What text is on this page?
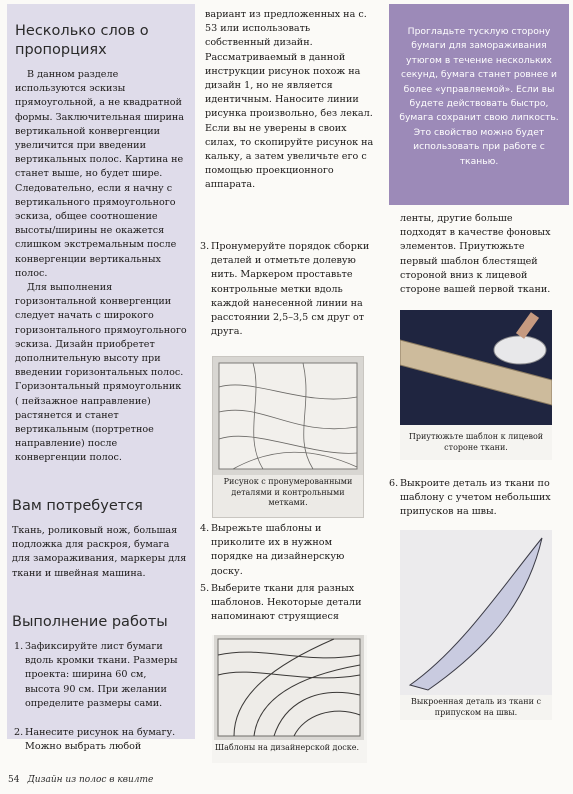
Несколько слов о пропорциях

В данном разделе используются эскизы прямоугольной, а не квадратной формы. Заключительная ширина вертикальной конвергенции увеличится при введении вертикальных полос. Картина не станет выше, но будет шире. Следовательно, если я начну с вертикального прямоугольного эскиза, общее соотношение высоты/ширины не окажется слишком экстремальным после конвергенции вертикальных полос.

Для выполнения горизонтальной конвергенции следует начать с широкого горизонтального прямоугольного эскиза. Дизайн приобретет дополнительную высоту при введении горизонтальных полос. Горизонтальный прямоугольник ( пейзажное направление) растянется и станет вертикальным (портретное направление) после конвергенции полос.

Вам потребуется

Ткань, роликовый нож, большая подложка для раскроя, бумага для замораживания, маркеры для ткани и швейная машина.

Выполнение работы
1. Зафиксируйте лист бумаги вдоль кромки ткани. Размеры проекта: ширина 60 см, высота 90 см. При желании определите размеры сами.
2. Нанесите рисунок на бумагу. Можно выбрать любой

вариант из предложенных на с. 53 или использовать собственный дизайн. Рассматриваемый в данной инструкции рисунок похож на дизайн 1, но не является идентичным. Наносите линии рисунка произвольно, без лекал. Если вы не уверены в своих силах, то скопируйте рисунок на кальку, а затем увеличьте его с помощью проекционного аппарата.

3. Пронумеруйте порядок сборки деталей и отметьте долевую нить. Маркером проставьте контрольные метки вдоль каждой нанесенной линии на расстоянии 2,5–3,5 см друг от друга.
Рисунок с пронумерованными деталями и контрольными метками.
4. Вырежьте шаблоны и приколите их в нужном порядке на дизайнерскую доску.
5. Выберите ткани для разных шаблонов. Некоторые детали напоминают струящиеся
Шаблоны на дизайнерской доске.

Прогладьте тусклую сторону бумаги для замораживания утюгом в течение нескольких секунд, бумага станет ровнее и более «управляемой». Если вы будете действовать быстро, бумага сохранит свою липкость. Это свойство можно будет использовать при работе с тканью.

ленты, другие больше подходят в качестве фоновых элементов. Приутюжьте первый шаблон блестящей стороной вниз к лицевой стороне вашей первой ткани.

Приутюжьте шаблон к лицевой стороне ткани.
6. Выкроите деталь из ткани по шаблону с учетом небольших припусков на швы.
Выкроенная деталь из ткани с припуском на швы.
54 Дизайн из полос в квилте
